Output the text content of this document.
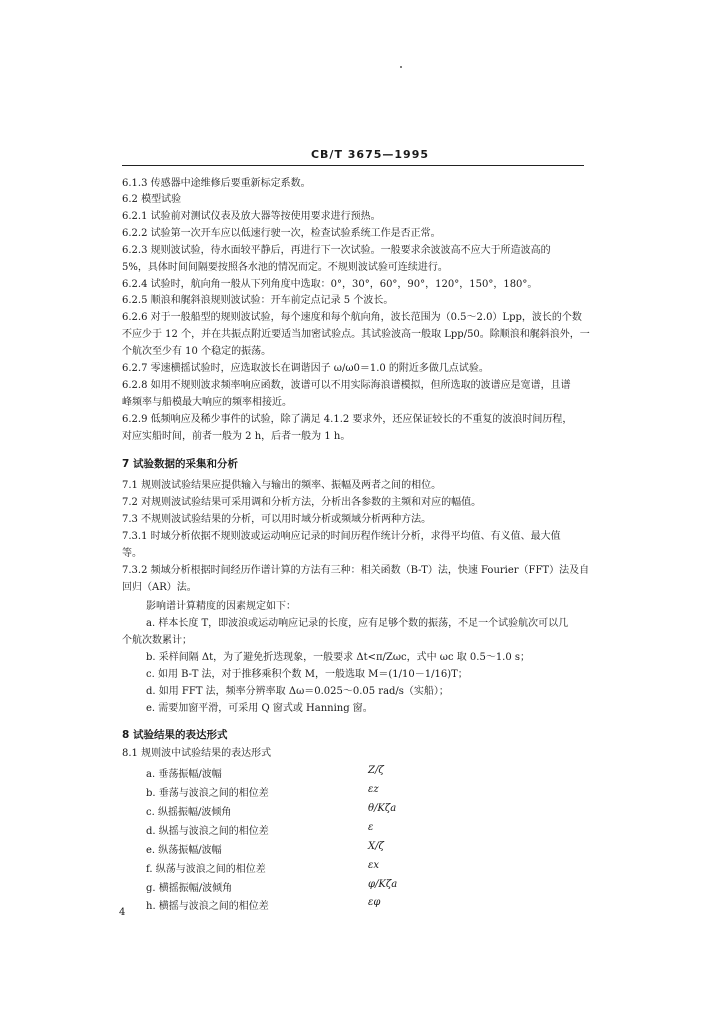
CB/T 3675—1995
6.1.3 传感器中途维修后要重新标定系数。
6.2 模型试验
6.2.1 试验前对测试仪表及放大器等按使用要求进行预热。
6.2.2 试验第一次开车应以低速行驶一次，检查试验系统工作是否正常。
6.2.3 规则波试验，待水面较平静后，再进行下一次试验。一般要求余波波高不应大于所造波高的
5%，具体时间间隔要按照各水池的情况而定。不规则波试验可连续进行。
6.2.4 试验时，航向角一般从下列角度中选取：0°，30°，60°，90°，120°，150°，180°。
6.2.5 顺浪和艉斜浪规则波试验：开车前定点记录 5 个波长。
6.2.6 对于一般船型的规则波试验，每个速度和每个航向角，波长范围为（0.5～2.0）Lpp，波长的个数
不应少于 12 个，并在共振点附近要适当加密试验点。其试验波高一般取 Lpp/50。除顺浪和艉斜浪外，一
个航次至少有 10 个稳定的振荡。
6.2.7 零速横摇试验时，应选取波长在调谐因子 ω/ω0＝1.0 的附近多做几点试验。
6.2.8 如用不规则波求频率响应函数，波谱可以不用实际海浪谱模拟，但所选取的波谱应是宽谱，且谱
峰频率与船模最大响应的频率相接近。
6.2.9 低频响应及稀少事件的试验，除了满足 4.1.2 要求外，还应保证较长的不重复的波浪时间历程，
对应实船时间，前者一般为 2 h，后者一般为 1 h。
7 试验数据的采集和分析
7.1 规则波试验结果应提供输入与输出的频率、振幅及两者之间的相位。
7.2 对规则波试验结果可采用调和分析方法，分析出各参数的主频和对应的幅值。
7.3 不规则波试验结果的分析，可以用时域分析或频域分析两种方法。
7.3.1 时域分析依据不规则波或运动响应记录的时间历程作统计分析，求得平均值、有义值、最大值
等。
7.3.2 频域分析根据时间经历作谱计算的方法有三种：相关函数（B-T）法，快速 Fourier（FFT）法及自
回归（AR）法。
影响谱计算精度的因素规定如下：
a. 样本长度 T，即波浪或运动响应记录的长度，应有足够个数的振荡，不足一个试验航次可以几
个航次数累计；
b. 采样间隔 Δt，为了避免折迭现象，一般要求 Δt<π/Zωc，式中 ωc 取 0.5～1.0 s；
c. 如用 B-T 法，对于推移乘积个数 M，一般选取 M＝(1/10－1/16)T；
d. 如用 FFT 法，频率分辨率取 Δω＝0.025～0.05 rad/s（实船）；
e. 需要加窗平滑，可采用 Q 窗式或 Hanning 窗。
8 试验结果的表达形式
8.1 规则波中试验结果的表达形式
a. 垂荡振幅/波幅	Z/ζ
b. 垂荡与波浪之间的相位差	εz
c. 纵摇振幅/波倾角	θ/Kζa
d. 纵摇与波浪之间的相位差	ε
e. 纵荡振幅/波幅	X/ζ
f. 纵荡与波浪之间的相位差	εx
g. 横摇振幅/波倾角	φ/Kζa
h. 横摇与波浪之间的相位差	εφ
4
